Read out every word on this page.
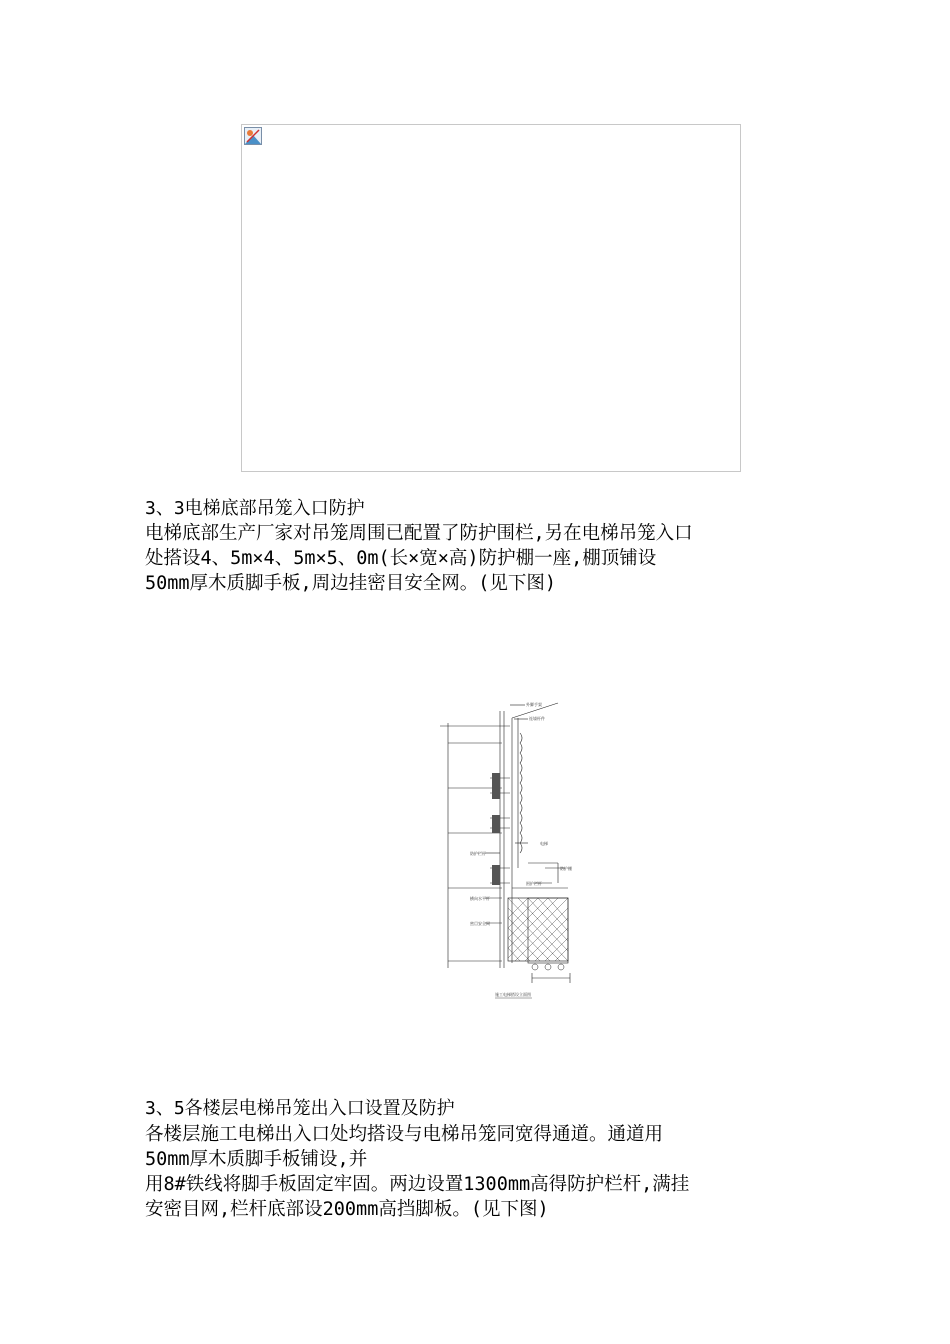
3、3电梯底部吊笼入口防护
电梯底部生产厂家对吊笼周围已配置了防护围栏,另在电梯吊笼入口
处搭设4、5m×4、5m×5、0m(长×宽×高)防护棚一座,棚顶铺设
50mm厚木质脚手板,周边挂密目安全网。(见下图)
外脚手架
连墙杆件
防护栏杆
防护棚
电梯
围护栏杆
横向水平杆
密目安全网
施工电梯搭设立面图
3、5各楼层电梯吊笼出入口设置及防护
各楼层施工电梯出入口处均搭设与电梯吊笼同宽得通道。通道用
50mm厚木质脚手板铺设,并
用8#铁线将脚手板固定牢固。两边设置1300mm高得防护栏杆,满挂
安密目网,栏杆底部设200mm高挡脚板。(见下图)
